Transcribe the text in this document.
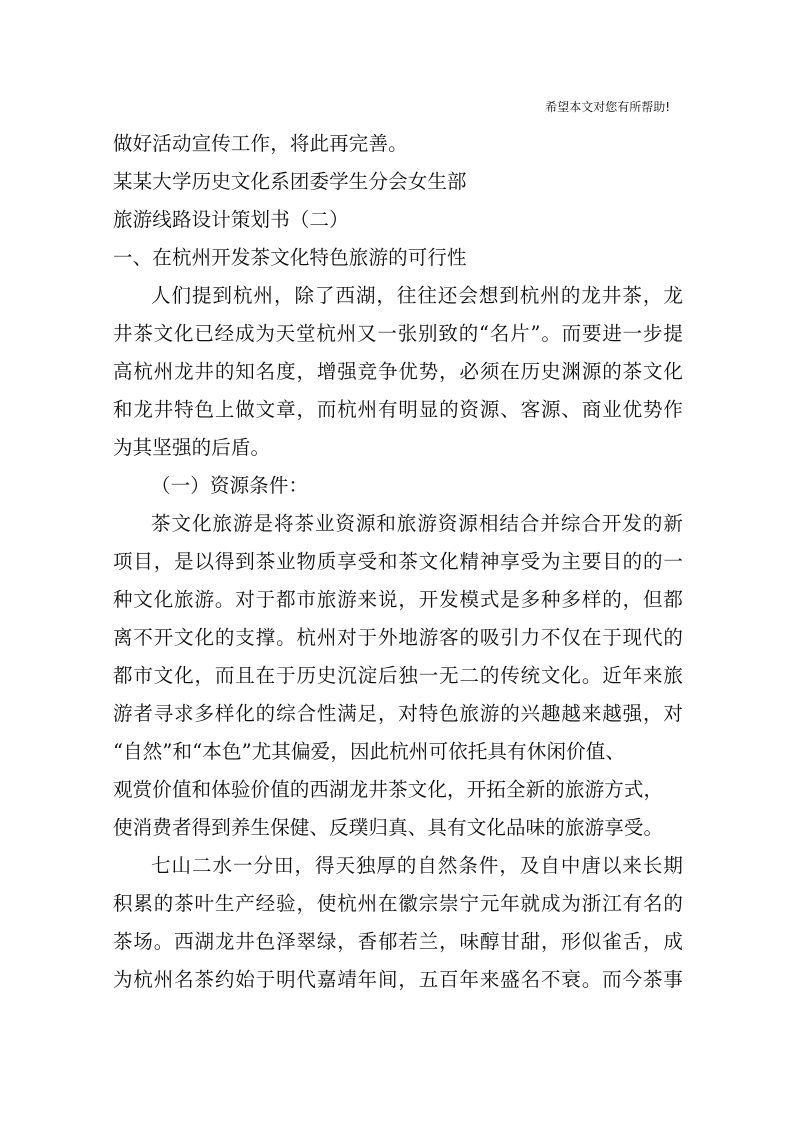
希望本文对您有所帮助!
做好活动宣传工作，将此再完善。
某某大学历史文化系团委学生分会女生部
旅游线路设计策划书（二）
一、在杭州开发茶文化特色旅游的可行性
人们提到杭州，除了西湖，往往还会想到杭州的龙井茶，龙
井茶文化已经成为天堂杭州又一张别致的“名片”。而要进一步提
高杭州龙井的知名度，增强竞争优势，必须在历史渊源的茶文化
和龙井特色上做文章，而杭州有明显的资源、客源、商业优势作
为其坚强的后盾。
（一）资源条件：
茶文化旅游是将茶业资源和旅游资源相结合并综合开发的新
项目，是以得到茶业物质享受和茶文化精神享受为主要目的的一
种文化旅游。对于都市旅游来说，开发模式是多种多样的，但都
离不开文化的支撑。杭州对于外地游客的吸引力不仅在于现代的
都市文化，而且在于历史沉淀后独一无二的传统文化。近年来旅
游者寻求多样化的综合性满足，对特色旅游的兴趣越来越强，对
“自然”和“本色”尤其偏爱，因此杭州可依托具有休闲价值、
观赏价值和体验价值的西湖龙井茶文化，开拓全新的旅游方式，
使消费者得到养生保健、反璞归真、具有文化品味的旅游享受。
七山二水一分田，得天独厚的自然条件，及自中唐以来长期
积累的茶叶生产经验，使杭州在徽宗崇宁元年就成为浙江有名的
茶场。西湖龙井色泽翠绿，香郁若兰，味醇甘甜，形似雀舌，成
为杭州名茶约始于明代嘉靖年间，五百年来盛名不衰。而今茶事
